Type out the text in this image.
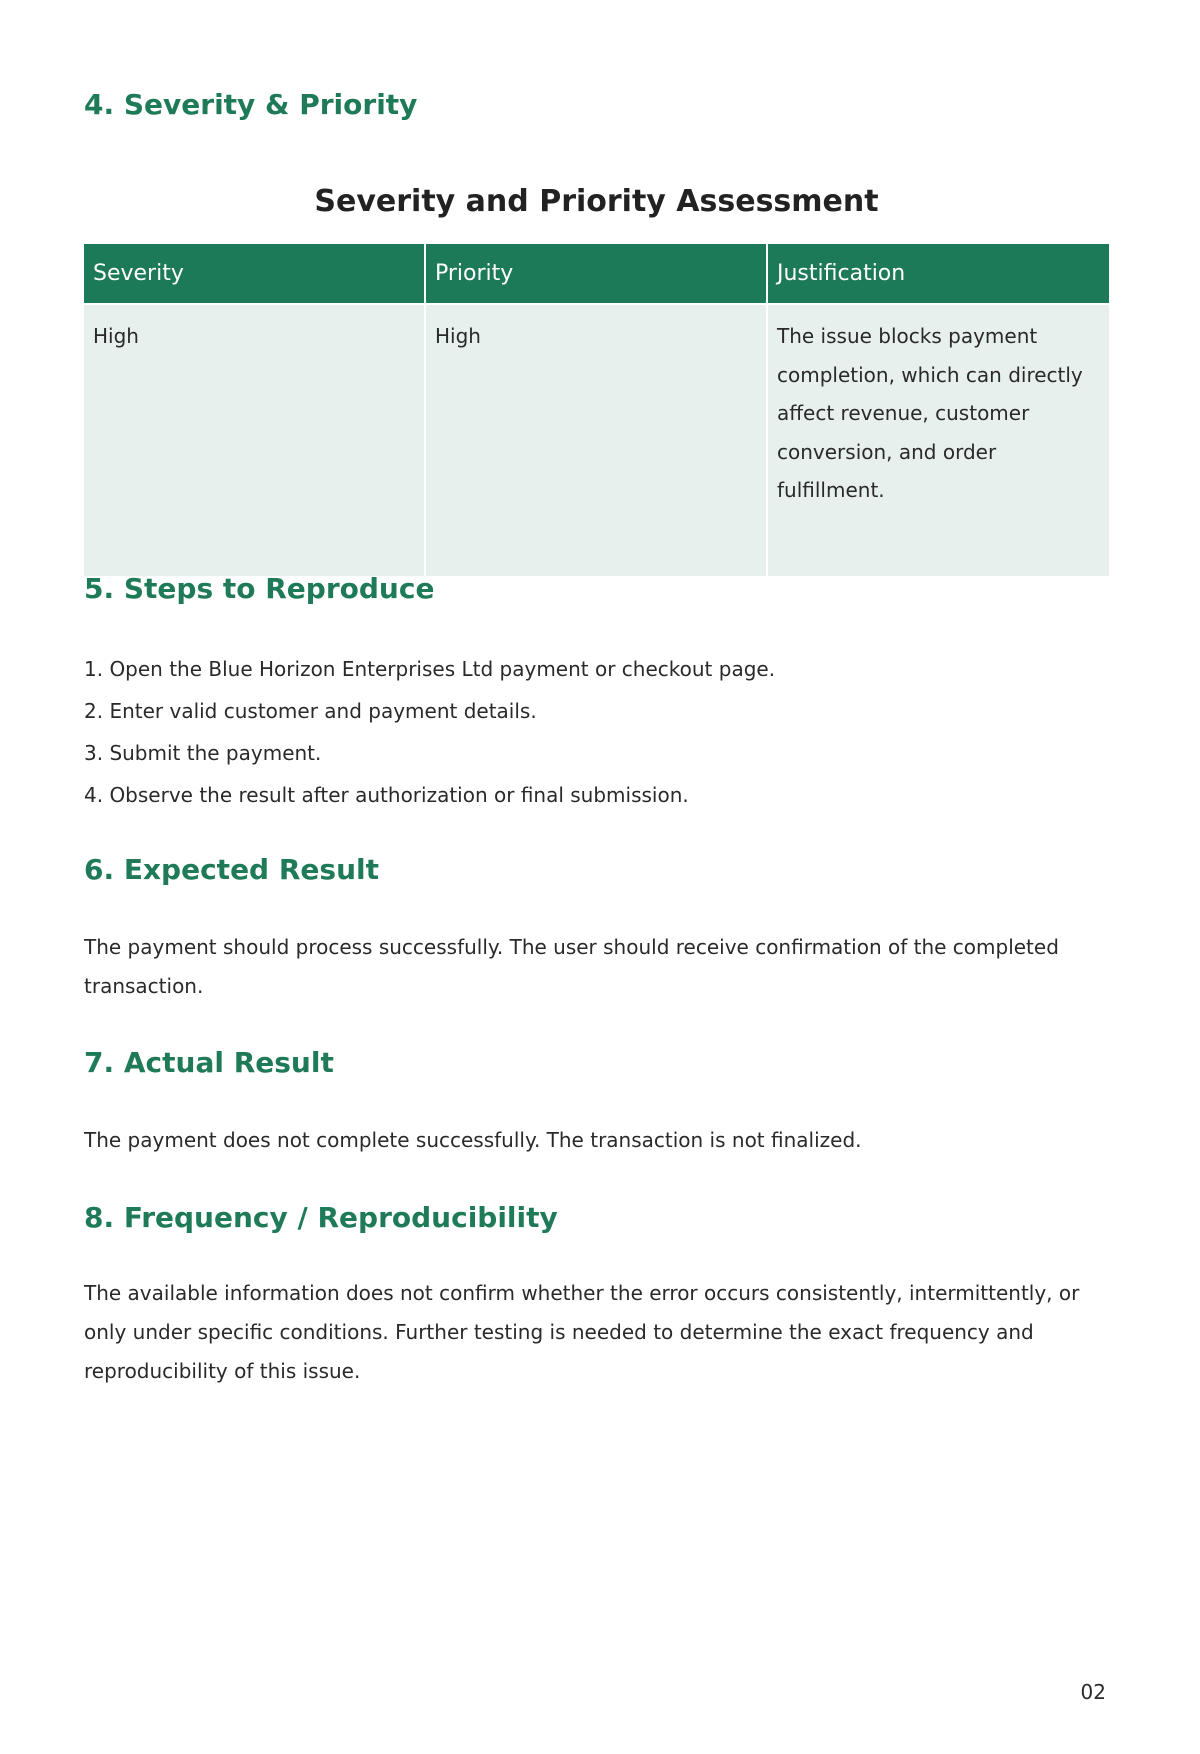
4. Severity & Priority
Severity and Priority Assessment
Severity	Priority	Justification
High	High	The issue blocks payment completion, which can directly affect revenue, customer conversion, and order fulfillment.
5. Steps to Reproduce
1. Open the Blue Horizon Enterprises Ltd payment or checkout page.
2. Enter valid customer and payment details.
3. Submit the payment.
4. Observe the result after authorization or final submission.
6. Expected Result

The payment should process successfully. The user should receive confirmation of the completed transaction.

7. Actual Result

The payment does not complete successfully. The transaction is not finalized.

8. Frequency / Reproducibility

The available information does not confirm whether the error occurs consistently, intermittently, or only under specific conditions. Further testing is needed to determine the exact frequency and reproducibility of this issue.

02
